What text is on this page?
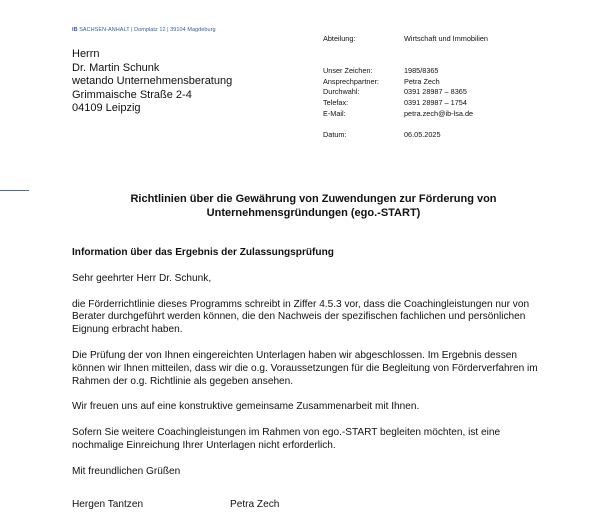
IB SACHSEN-ANHALT | Domplatz 12 | 39104 Magdeburg
Herrn
Dr. Martin Schunk
wetando Unternehmensberatung
Grimmaische Straße 2-4
04109 Leipzig
Abteilung:	Wirtschaft und Immobilien
Unser Zeichen:	1985/8365
Ansprechpartner:	Petra Zech
Durchwahl:	0391 28987 – 8365
Telefax:	0391 28987 – 1754
E-Mail:	petra.zech@ib-lsa.de
Datum:	06.05.2025
Richtlinien über die Gewährung von Zuwendungen zur Förderung von
Unternehmensgründungen (ego.-START)

Information über das Ergebnis der Zulassungsprüfung

Sehr geehrter Herr Dr. Schunk,

die Förderrichtlinie dieses Programms schreibt in Ziffer 4.5.3 vor, dass die Coachingleistungen nur von Berater durchgeführt werden können, die den Nachweis der spezifischen fachlichen und persönlichen Eignung erbracht haben.

Die Prüfung der von Ihnen eingereichten Unterlagen haben wir abgeschlossen. Im Ergebnis dessen können wir Ihnen mitteilen, dass wir die o.g. Voraussetzungen für die Begleitung von Förderverfahren im Rahmen der o.g. Richtlinie als gegeben ansehen.

Wir freuen uns auf eine konstruktive gemeinsame Zusammenarbeit mit Ihnen.

Sofern Sie weitere Coachingleistungen im Rahmen von ego.-START begleiten möchten, ist eine nochmalige Einreichung Ihrer Unterlagen nicht erforderlich.

Mit freundlichen Grüßen

Hergen Tantzen	Petra Zech
